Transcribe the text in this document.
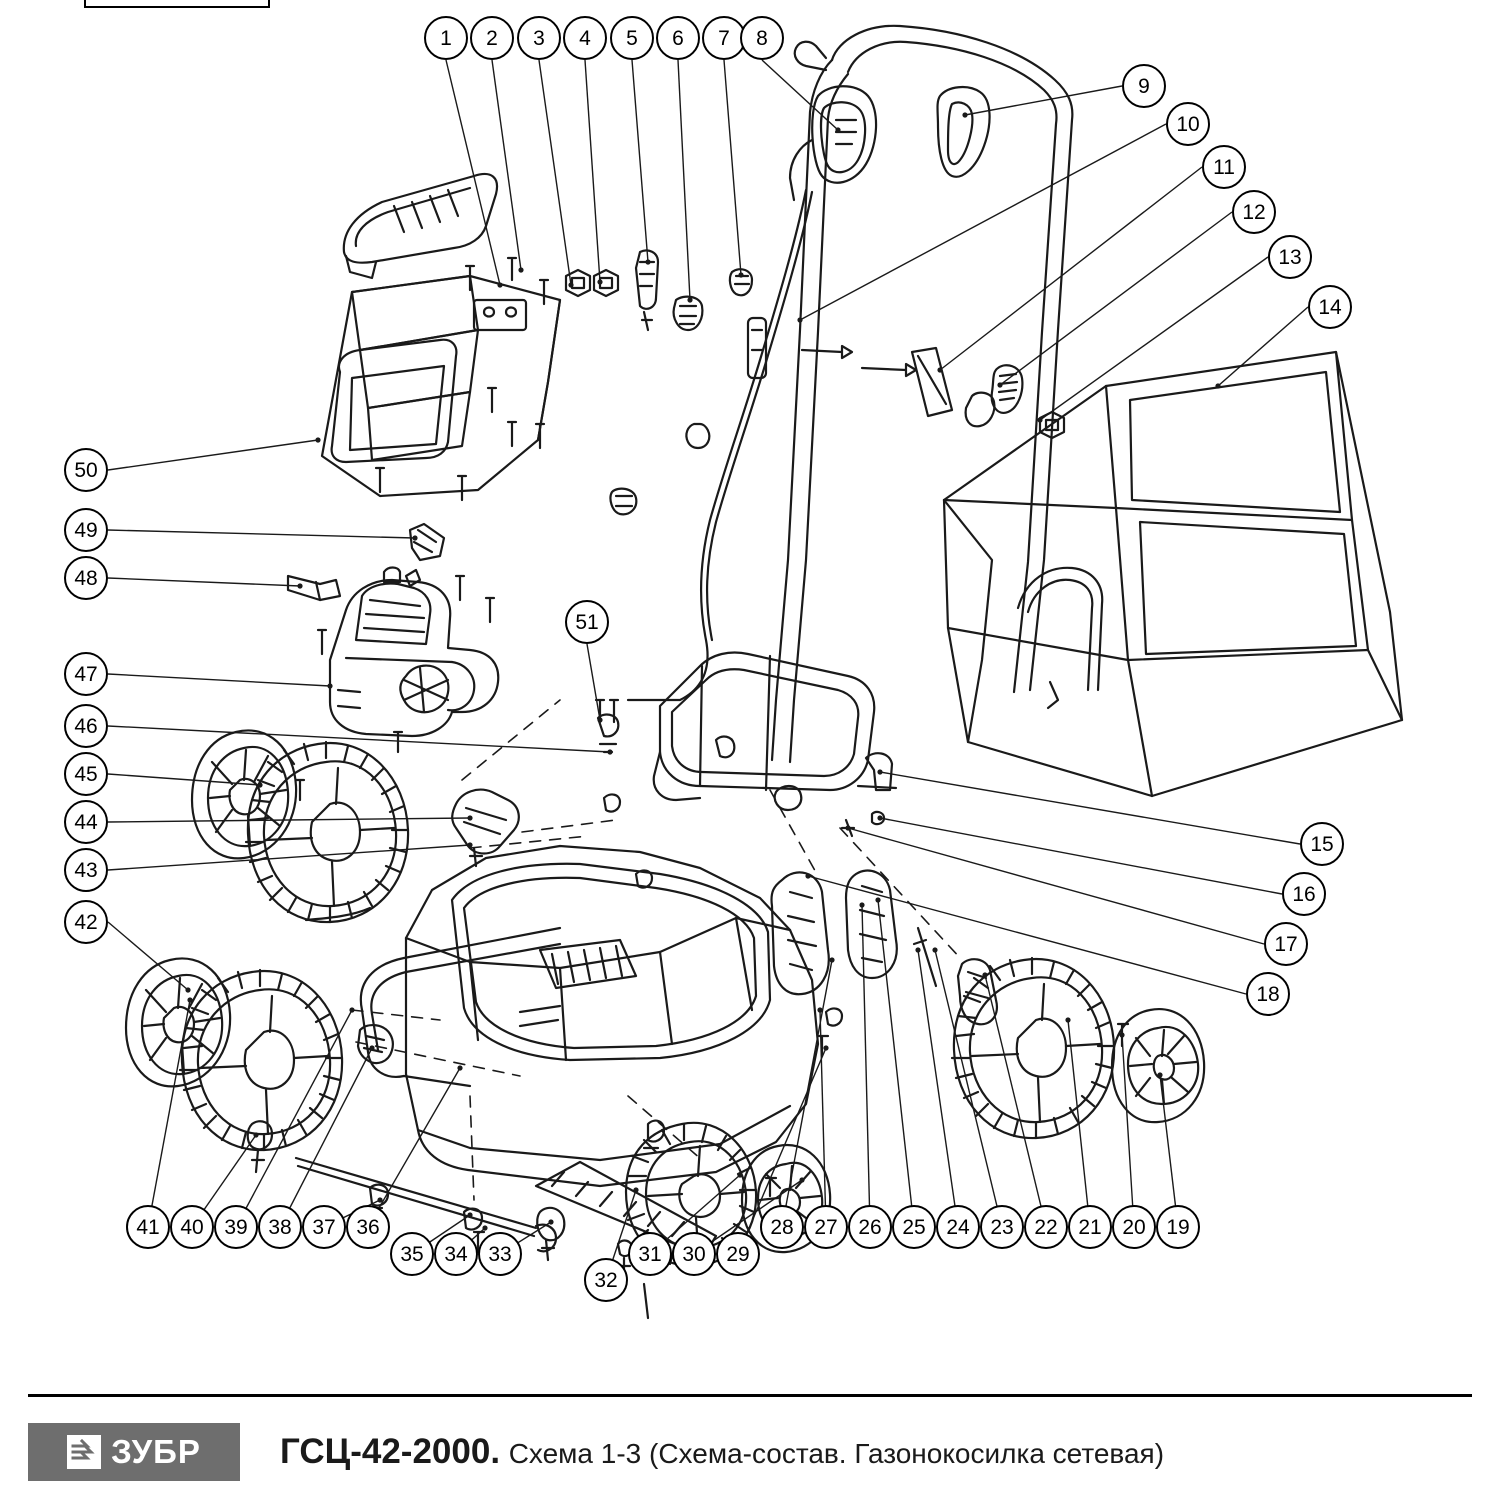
1 2 3 4 5 6 7 8
9
10
11
12
13
14
15
16
17
18
19
20
21
22
23
24
25
26
27
28
29
30
31
32
33
34
35
36
37
38
39
40
41
42
43
44
45
46
47
48
49
50
51
ЗУБР ГСЦ-42-2000. Схема 1-3 (Схема-состав. Газонокосилка сетевая)
